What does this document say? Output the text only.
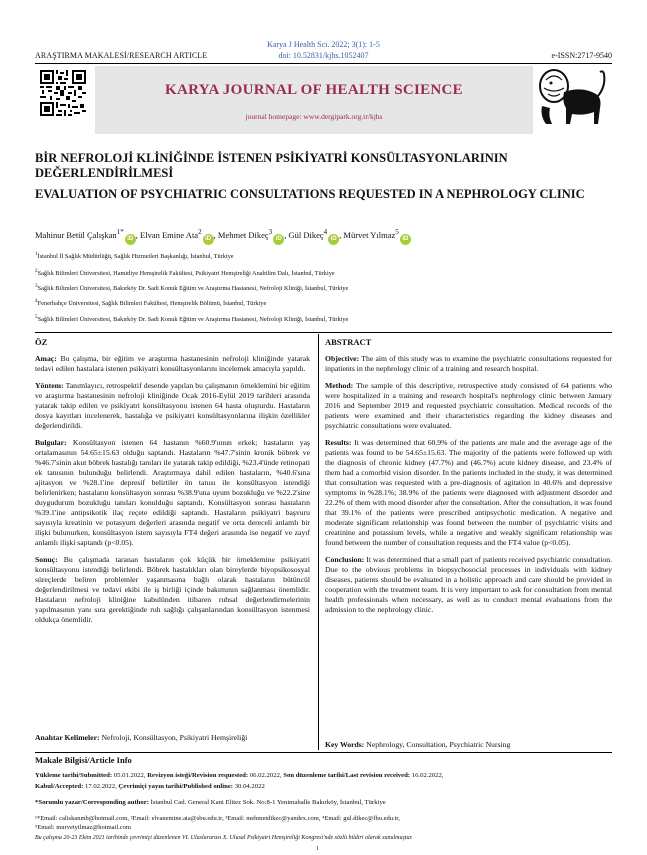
ARAŞTIRMA MAKALESİ/RESEARCH ARTICLE
Karya J Health Sci. 2022; 3(1): 1-5
doi: 10.52831/kjhs.1052407	e-ISSN:2717-9540
KARYA JOURNAL OF HEALTH SCIENCE
journal homepage: www.dergipark.org.tr/kjhs
BİR NEFROLOJİ KLİNİĞİNDE İSTENEN PSİKİYATRİ KONSÜLTASYONLARININ DEĞERLENDİRİLMESİ
EVALUATION OF PSYCHIATRIC CONSULTATIONS REQUESTED IN A NEPHROLOGY CLINIC
Mahinur Betül Çalışkan$^{1*}$iD , Elvan Emine Ata$^2$iD , Mehmet Dikeç$^3$iD , Gül Dikeç$^4$iD , Mürvet Yılmaz$^5$iD
$^1$İstanbul İl Sağlık Müdürlüğü, Sağlık Hizmetleri Başkanlığı, İstanbul, Türkiye
$^2$Sağlık Bilimleri Üniversitesi, Hamidiye Hemşirelik Fakültesi, Psikiyatri Hemşireliği Anabilim Dalı, İstanbul, Türkiye
$^3$Sağlık Bilimleri Üniversitesi, Bakırköy Dr. Sadi Konuk Eğitim ve Araştırma Hastanesi, Nefroloji Kliniği, İstanbul, Türkiye
$^4$Fenerbahçe Üniversitesi, Sağlık Bilimleri Fakültesi, Hemşirelik Bölümü, İstanbul, Türkiye
$^5$Sağlık Bilimleri Üniversitesi, Bakırköy Dr. Sadi Konuk Eğitim ve Araştırma Hastanesi, Nefroloji Kliniği, İstanbul, Türkiye
ÖZ

Amaç: Bu çalışma, bir eğitim ve araştırma hastanesinin nefroloji kliniğinde yatarak tedavi edilen hastalara istenen psikiyatri konsültasyonlarını incelemek amacıyla yapıldı.

Yöntem: Tanımlayıcı, retrospektif desende yapılan bu çalışmanın örneklemini bir eğitim ve araştırma hastanesinin nefroloji kliniğinde Ocak 2016-Eylül 2019 tarihleri arasında yatarak takip edilen ve psikiyatri konsültasyonu istenen 64 hasta oluşturdu. Hastaların dosya kayıtları incelenerek, hastalığa ve psikiyatri konsültasyonlarına ilişkin özellikler değerlendirildi.

Bulgular: Konsültasyon istenen 64 hastanın %60.9'unun erkek; hastaların yaş ortalamasının 54.65±15.63 olduğu saptandı. Hastaların %47.7'sinin kronik böbrek ve %46.7'sinin akut böbrek hastalığı tanıları ile yatarak takip edildiği, %23.4'ünde retinopati ek tanısının bulunduğu belirlendi. Araştırmaya dahil edilen hastaların, %40.6'sına ajitasyon ve %28.1'ine depresif belirtiler ön tanısı ile konsültasyon istendiği belirlenirken; hastaların konsültasyon sonrası %38.9'una uyum bozukluğu ve %22.2'sine duygudurum bozukluğu tanıları konulduğu saptandı. Konsültasyon sonrası hastaların %39.1'ine antipsikotik ilaç reçete edildiği saptandı. Hastaların psikiyatri başvuru sayısıyla kreatinin ve potasyum değerleri arasında negatif ve orta dereceli anlamlı bir ilişki bulunurken, konsültasyon istem sayısıyla FT4 değeri arasında ise negatif ve zayıf anlamlı ilişki saptandı (p<0.05).

Sonuç: Bu çalışmada taranan hastaların çok küçük bir örneklemine psikiyatri konsültasyonu istendiği belirlendi. Böbrek hastalıkları olan bireylerde biyopsikososyal süreçlerde beliren problemler yaşanmasına bağlı olarak hastaların bütüncül değerlendirilmesi ve tedavi ekibi ile iş birliği içinde bakımının sağlanması önemlidir. Hastaların nefroloji kliniğine kabulünden itibaren ruhsal değerlendirmelerinin yapılmasının yanı sıra gerektiğinde ruh sağlığı çalışanlarından konsültasyon istenmesi oldukça önemlidir.

Anahtar Kelimeler: Nefroloji, Konsültasyon, Psikiyatri Hemşireliği
ABSTRACT

Objective: The aim of this study was to examine the psychiatric consultations requested for inpatients in the nephrology clinic of a training and research hospital.

Method: The sample of this descriptive, retrospective study consisted of 64 patients who were hospitalized in a training and research hospital's nephrology clinic between January 2016 and September 2019 and requested psychiatric consultation. Medical records of the patients were examined and their characteristics regarding the kidney diseases and psychiatric consultations were evaluated.

Results: It was determined that 60.9% of the patients are male and the average age of the patients was found to be 54.65±15.63. The majority of the patients were followed up with the diagnosis of chronic kidney (47.7%) and (46.7%) acute kidney disease, and 23.4% of them had a comorbid vision disorder. In the patients included in the study, it was determined that consultation was requested with a pre-diagnosis of agitation in 40.6% and depressive symptoms in %28.1%; 38.9% of the patients were diagnosed with adjustment disorder and 22.2% of them with mood disorder after the consultation. After the consultation, it was found that 39.1% of the patients were prescribed antipsychotic medication. A negative and moderate significant relationship was found between the number of psychiatric visits and creatinine and potassium levels, while a negative and weakly significant relationship was found between the number of consultation requests and the FT4 value (p<0.05).

Conclusion: It was determined that a small part of patients received psychiatric consultation. Due to the obvious problems in biopsychosocial processes in individuals with kidney diseases, patients should be evaluated in a holistic approach and care should be provided in cooperation with the treatment team. It is very important to ask for consultation from mental health professionals when necessary, as well as to conduct mental evaluations from the admission to the nephrology clinic.

Key Words: Nephrology, Consultation, Psychiatric Nursing
Makale Bilgisi/Article Info
Yükleme tarihi/Submitted: 05.01.2022, Revizyon isteği/Revision requested: 06.02.2022, Son düzenleme tarihi/Last revision received: 16.02.2022,
Kabul/Accepted: 17.02.2022, Çevrimiçi yayın tarihi/Published online: 30.04.2022
*Sorumlu yazar/Corresponding author: İstanbul Cad. General Kani Elitez Sok. No:8-1 Yenimahalle Bakırköy, İstanbul, Türkiye
¹*Email: caliskanmb@hotmail.com, ²Email: elvanemine.ata@sbu.edu.tr, ³Email: mehmetdikec@yandex.com, ⁴Email: gul.dikec@fbu.edu.tr,
⁵Email: murvetyilmaz@hotmail.com
Bu çalışma 20-23 Ekim 2021 tarihinde çevrimiçi düzenlenen VI. Uluslararası X. Ulusal Psikiyatri Hemşireliği Kongresi'nde sözlü bildiri olarak sunulmuştur.
1
